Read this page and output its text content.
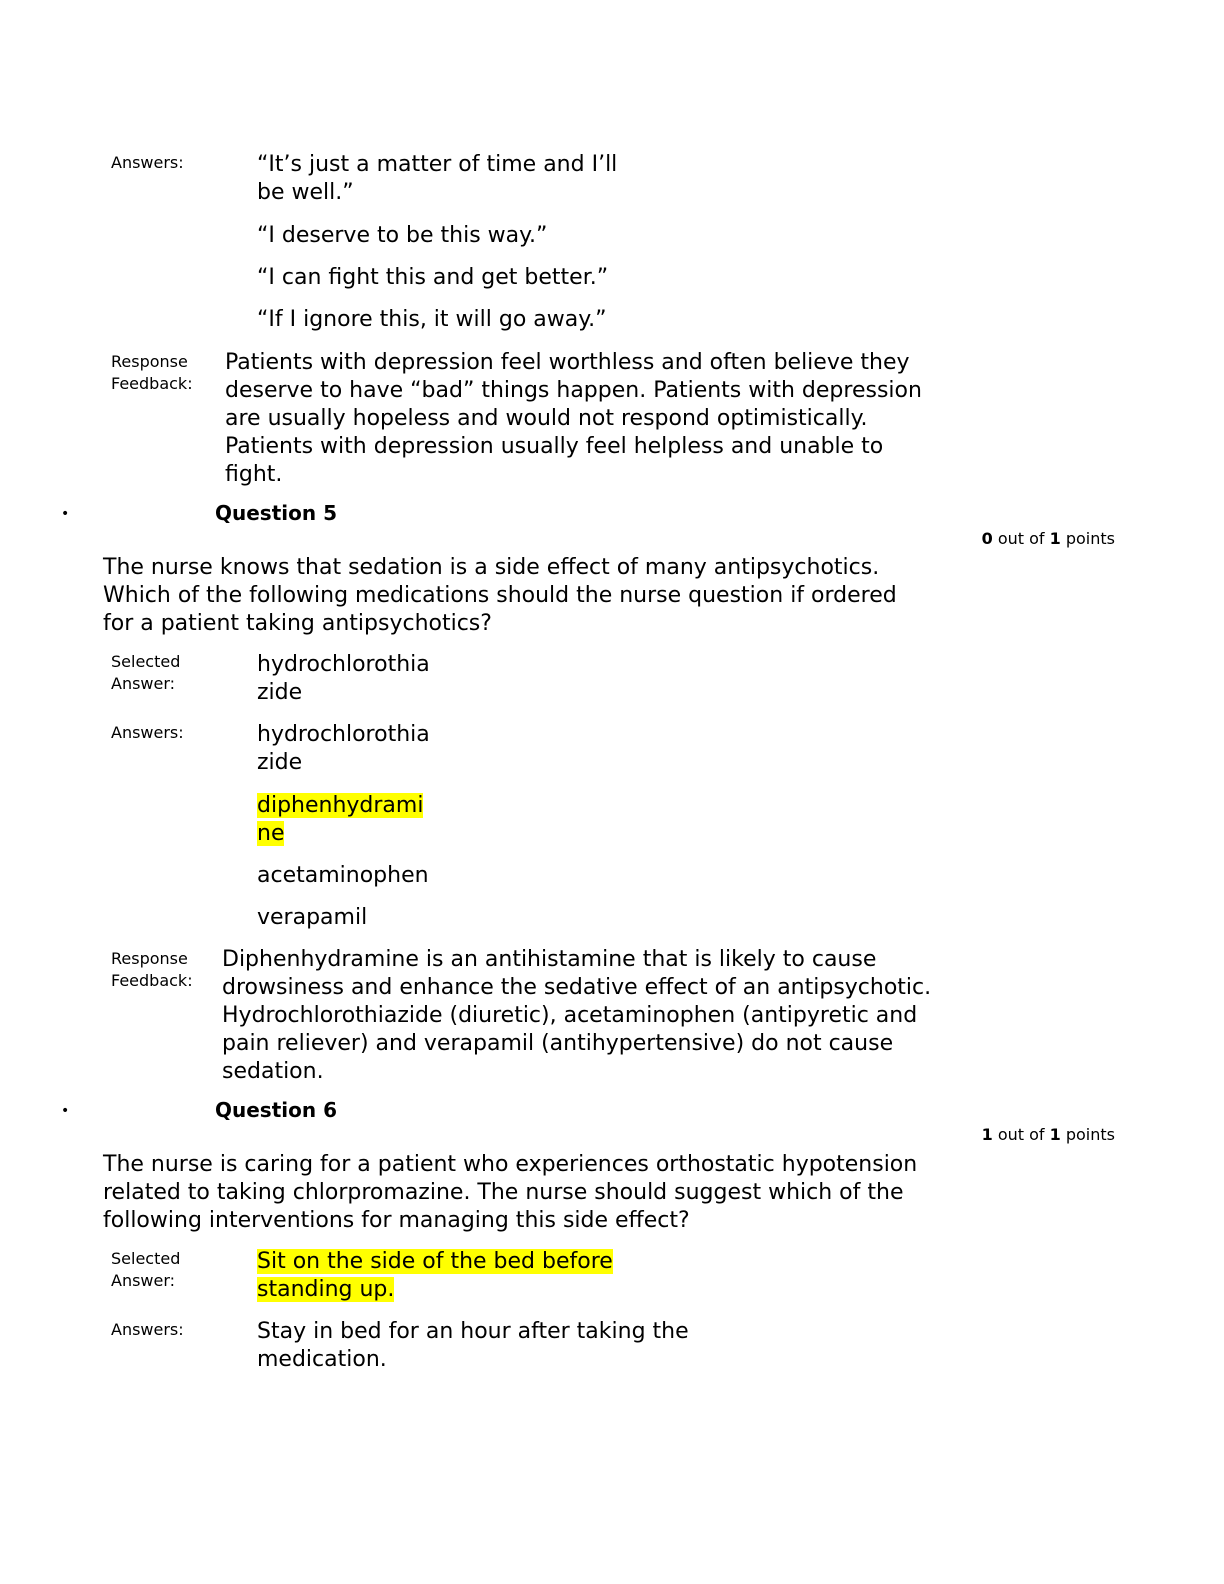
Answers:	“It’s just a matter of time and I’ll
be well.”
“I deserve to be this way.”
“I can fight this and get better.”
“If I ignore this, it will go away.”
Response
Feedback:
Patients with depression feel worthless and often believe they
deserve to have “bad” things happen. Patients with depression
are usually hopeless and would not respond optimistically.
Patients with depression usually feel helpless and unable to
fight.
•	Question 5
0 out of 1 points
The nurse knows that sedation is a side effect of many antipsychotics.
Which of the following medications should the nurse question if ordered
for a patient taking antipsychotics?
Selected
Answer:
hydrochlorothia
zide
Answers:	hydrochlorothia
zide
diphenhydrami
ne
acetaminophen
verapamil
Response
Feedback:
Diphenhydramine is an antihistamine that is likely to cause
drowsiness and enhance the sedative effect of an antipsychotic.
Hydrochlorothiazide (diuretic), acetaminophen (antipyretic and
pain reliever) and verapamil (antihypertensive) do not cause
sedation.
•	Question 6
1 out of 1 points
The nurse is caring for a patient who experiences orthostatic hypotension
related to taking chlorpromazine. The nurse should suggest which of the
following interventions for managing this side effect?
Selected
Answer:
Sit on the side of the bed before
standing up.
Answers:	Stay in bed for an hour after taking the
medication.
